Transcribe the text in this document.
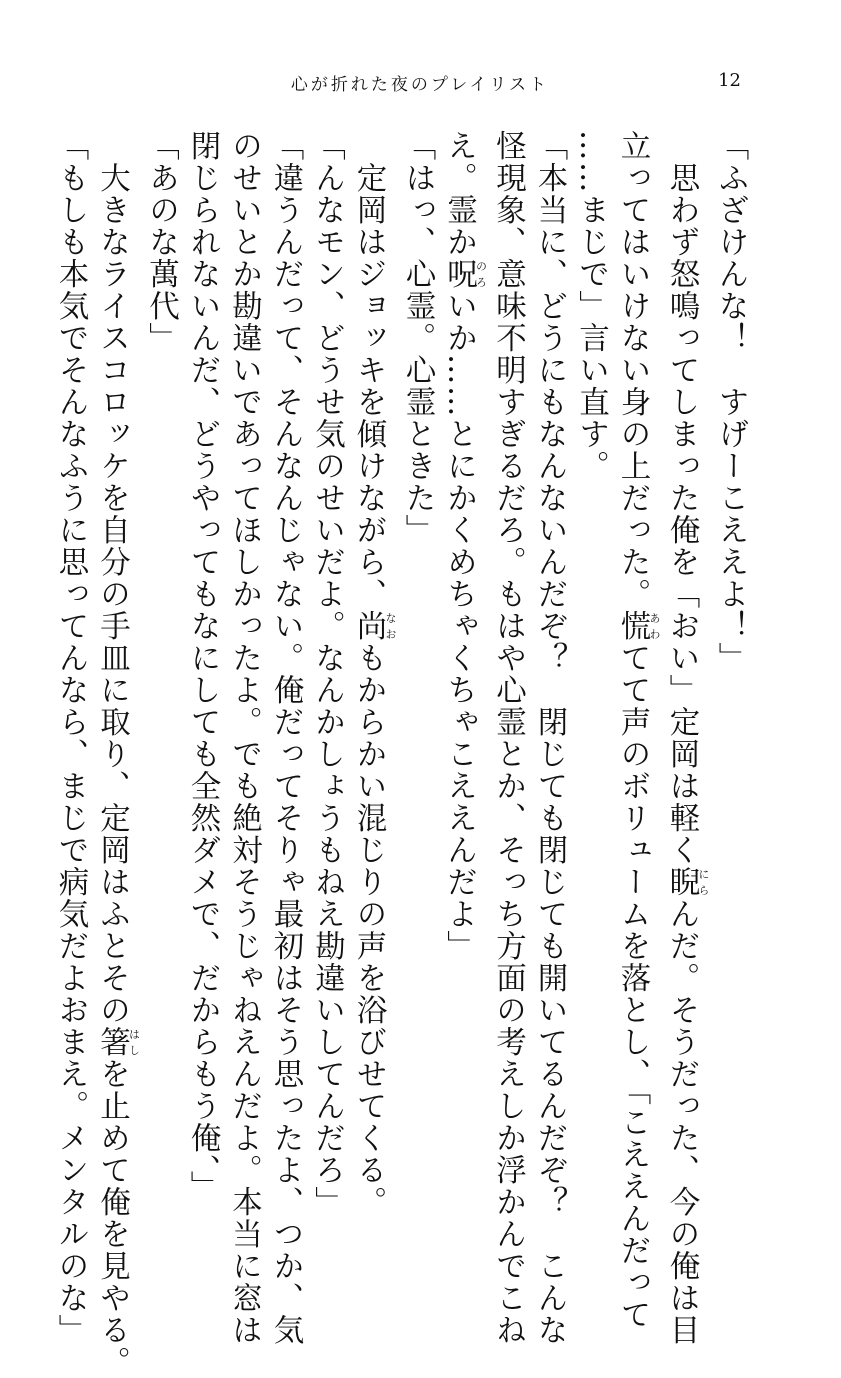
心が折れた夜のプレイリスト	12
「ふざけんな！　すげーこええよ！」
　思わず怒鳴ってしまった俺を「おい」定岡は軽く睨にらんだ。そうだった、今の俺は目
立ってはいけない身の上だった。慌あわてて声のボリュームを落とし、「こええんだって
……まじで」言い直す。
「本当に、どうにもなんないんだぞ？　閉じても閉じても開いてるんだぞ？　こんな
怪現象、意味不明すぎるだろ。もはや心霊とか、そっち方面の考えしか浮かんでこね
え。霊か呪のろいか……とにかくめちゃくちゃこええんだよ」
「はっ、心霊。心霊ときた」
　定岡はジョッキを傾けながら、尚なおもからかい混じりの声を浴びせてくる。
「んなモン、どうせ気のせいだよ。なんかしょうもねえ勘違いしてんだろ」
「違うんだって、そんなんじゃない。俺だってそりゃ最初はそう思ったよ、つか、気
のせいとか勘違いであってほしかったよ。でも絶対そうじゃねえんだよ。本当に窓は
閉じられないんだ、どうやってもなにしても全然ダメで、だからもう俺、」
「あのな萬代」
　大きなライスコロッケを自分の手皿に取り、定岡はふとその箸はしを止めて俺を見やる。
「もしも本気でそんなふうに思ってんなら、まじで病気だよおまえ。メンタルのな」
